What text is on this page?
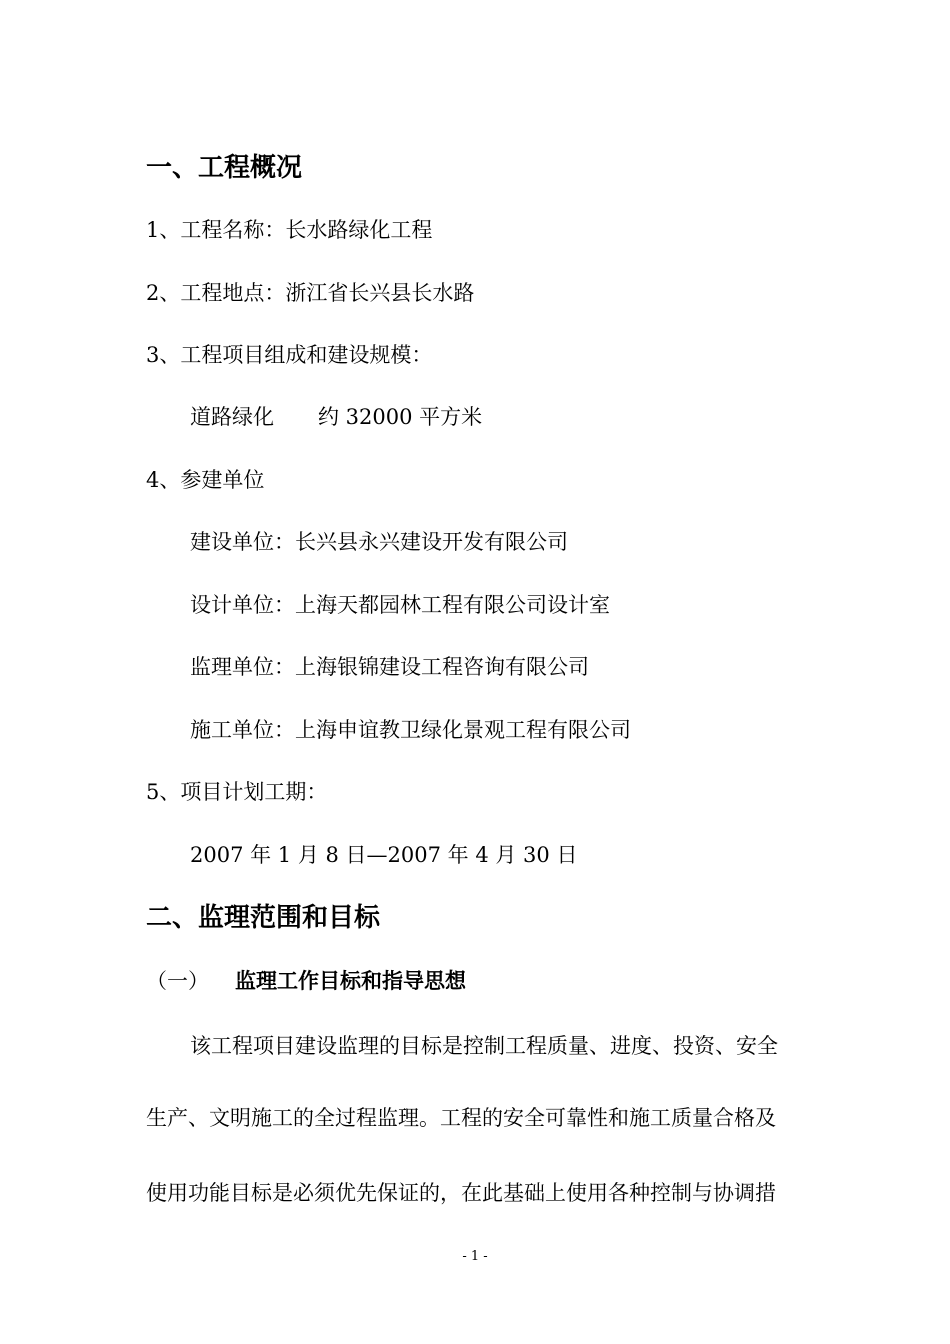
一、工程概况
1、工程名称：长水路绿化工程
2、工程地点：浙江省长兴县长水路
3、工程项目组成和建设规模：
道路绿化 约 32000 平方米
4、参建单位
建设单位：长兴县永兴建设开发有限公司
设计单位：上海天都园林工程有限公司设计室
监理单位：上海银锦建设工程咨询有限公司
施工单位：上海申谊教卫绿化景观工程有限公司
5、项目计划工期：
2007 年 1 月 8 日—2007 年 4 月 30 日
二、监理范围和目标
（一） 监理工作目标和指导思想
该工程项目建设监理的目标是控制工程质量、进度、投资、安全
生产、文明施工的全过程监理。工程的安全可靠性和施工质量合格及
使用功能目标是必须优先保证的，在此基础上使用各种控制与协调措
- 1 -
